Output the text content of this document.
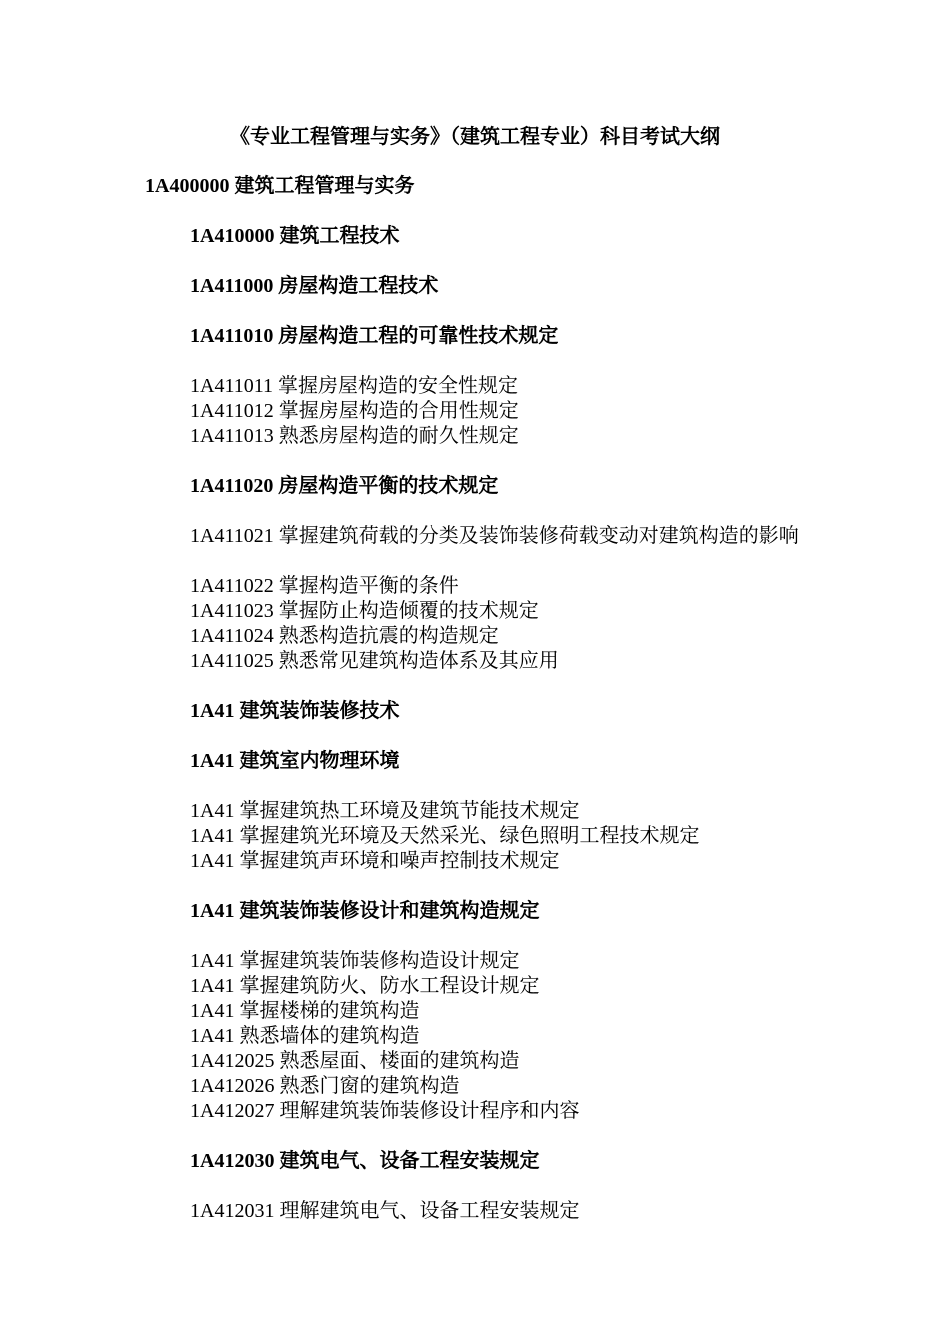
《专业工程管理与实务》（建筑工程专业）科目考试大纲
1A400000 建筑工程管理与实务
1A410000 建筑工程技术
1A411000 房屋构造工程技术
1A411010 房屋构造工程的可靠性技术规定
1A411011 掌握房屋构造的安全性规定
1A411012 掌握房屋构造的合用性规定
1A411013 熟悉房屋构造的耐久性规定
1A411020 房屋构造平衡的技术规定
1A411021 掌握建筑荷载的分类及装饰装修荷载变动对建筑构造的影响
1A411022 掌握构造平衡的条件
1A411023 掌握防止构造倾覆的技术规定
1A411024 熟悉构造抗震的构造规定
1A411025 熟悉常见建筑构造体系及其应用
1A41 建筑装饰装修技术
1A41 建筑室内物理环境
1A41 掌握建筑热工环境及建筑节能技术规定
1A41 掌握建筑光环境及天然采光、绿色照明工程技术规定
1A41 掌握建筑声环境和噪声控制技术规定
1A41 建筑装饰装修设计和建筑构造规定
1A41 掌握建筑装饰装修构造设计规定
1A41 掌握建筑防火、防水工程设计规定
1A41 掌握楼梯的建筑构造
1A41 熟悉墙体的建筑构造
1A412025 熟悉屋面、楼面的建筑构造
1A412026 熟悉门窗的建筑构造
1A412027 理解建筑装饰装修设计程序和内容
1A412030 建筑电气、设备工程安装规定
1A412031 理解建筑电气、设备工程安装规定
